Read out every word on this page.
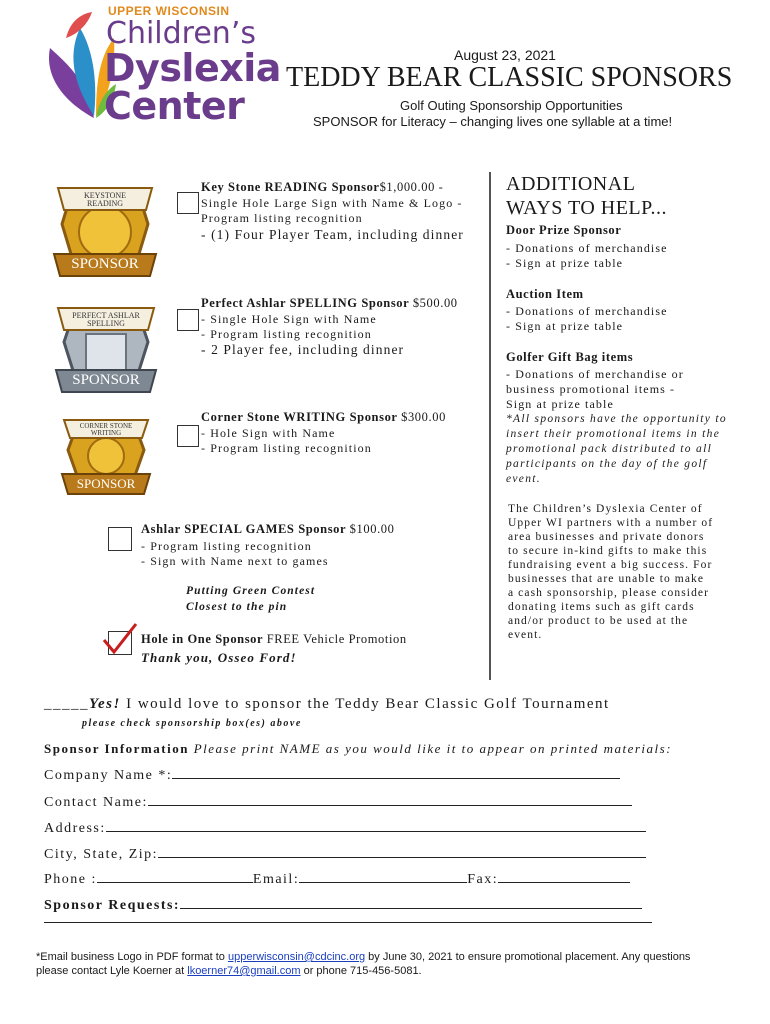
UPPER WISCONSIN
Children’s
Dyslexia
Center
August 23, 2021
TEDDY BEAR CLASSIC SPONSORS
Golf Outing Sponsorship Opportunities
SPONSOR for Literacy – changing lives one syllable at a time!
KEYSTONE READING
SPONSOR
Key Stone READING Sponsor$1,000.00 -
Single Hole Large Sign with Name & Logo -
Program listing recognition
- (1) Four Player Team, including dinner
PERFECT ASHLAR SPELLING
SPONSOR
Perfect Ashlar SPELLING Sponsor $500.00
- Single Hole Sign with Name
- Program listing recognition
- 2 Player fee, including dinner
CORNER STONE WRITING
SPONSOR
Corner Stone WRITING Sponsor $300.00
- Hole Sign with Name
- Program listing recognition
Ashlar SPECIAL GAMES Sponsor $100.00
- Program listing recognition
- Sign with Name next to games
Putting Green Contest
Closest to the pin
Hole in One Sponsor FREE Vehicle Promotion
Thank you, Osseo Ford!
ADDITIONAL
WAYS TO HELP...
Door Prize Sponsor
- Donations of merchandise
- Sign at prize table
Auction Item
- Donations of merchandise
- Sign at prize table
Golfer Gift Bag items
- Donations of merchandise or
business promotional items -
Sign at prize table
*All sponsors have the opportunity to
insert their promotional items in the
promotional pack distributed to all
participants on the day of the golf
event.
The Children’s Dyslexia Center of
Upper WI partners with a number of
area businesses and private donors
to secure in-kind gifts to make this
fundraising event a big success. For
businesses that are unable to make
a cash sponsorship, please consider
donating items such as gift cards
and/or product to be used at the
event.
_____Yes! I would love to sponsor the Teddy Bear Classic Golf Tournament
please check sponsorship box(es) above
Sponsor Information Please print NAME as you would like it to appear on printed materials:
Company Name *:
Contact Name:
Address:
City, State, Zip:
Phone :	Email:	Fax:
Sponsor Requests:
*Email business Logo in PDF format to upperwisconsin@cdcinc.org by June 30, 2021 to ensure promotional placement. Any questions
please contact Lyle Koerner at lkoerner74@gmail.com or phone 715-456-5081.
